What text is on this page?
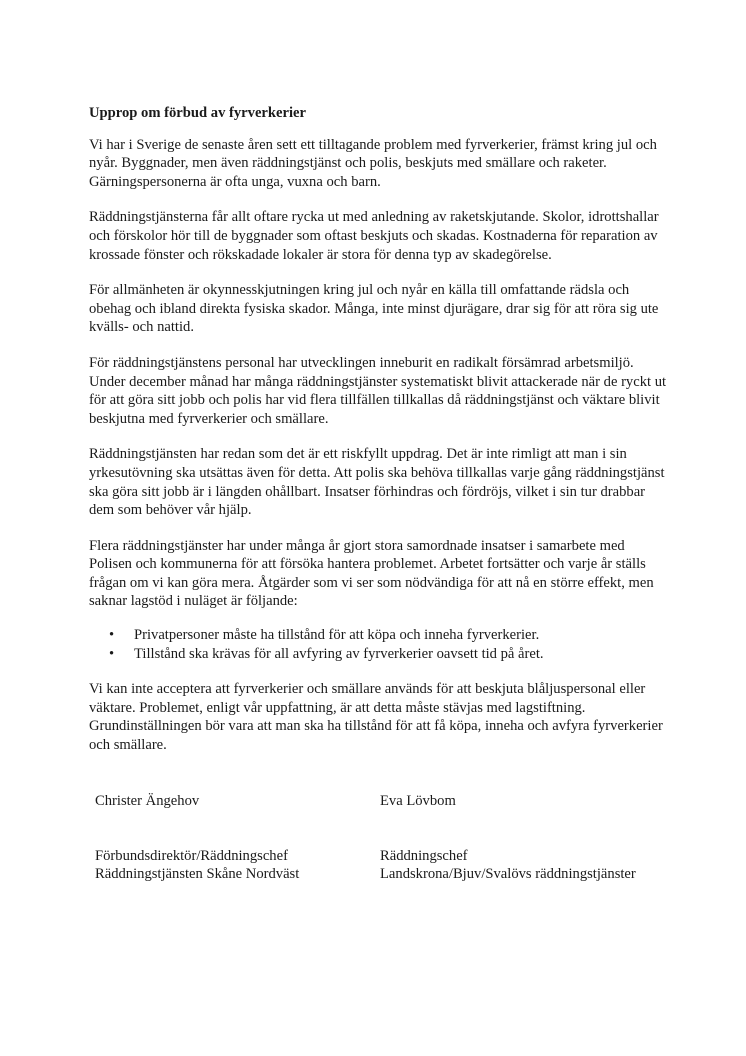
Upprop om förbud av fyrverkerier

Vi har i Sverige de senaste åren sett ett tilltagande problem med fyrverkerier, främst kring jul och nyår. Byggnader, men även räddningstjänst och polis, beskjuts med smällare och raketer. Gärningspersonerna är ofta unga, vuxna och barn.

Räddningstjänsterna får allt oftare rycka ut med anledning av raketskjutande. Skolor, idrottshallar och förskolor hör till de byggnader som oftast beskjuts och skadas. Kostnaderna för reparation av krossade fönster och rökskadade lokaler är stora för denna typ av skadegörelse.

För allmänheten är okynnesskjutningen kring jul och nyår en källa till omfattande rädsla och obehag och ibland direkta fysiska skador. Många, inte minst djurägare, drar sig för att röra sig ute kvälls- och nattid.

För räddningstjänstens personal har utvecklingen inneburit en radikalt försämrad arbetsmiljö. Under december månad har många räddningstjänster systematiskt blivit attackerade när de ryckt ut för att göra sitt jobb och polis har vid flera tillfällen tillkallas då räddningstjänst och väktare blivit beskjutna med fyrverkerier och smällare.

Räddningstjänsten har redan som det är ett riskfyllt uppdrag. Det är inte rimligt att man i sin yrkesutövning ska utsättas även för detta. Att polis ska behöva tillkallas varje gång räddningstjänst ska göra sitt jobb är i längden ohållbart. Insatser förhindras och fördröjs, vilket i sin tur drabbar dem som behöver vår hjälp.

Flera räddningstjänster har under många år gjort stora samordnade insatser i samarbete med Polisen och kommunerna för att försöka hantera problemet. Arbetet fortsätter och varje år ställs frågan om vi kan göra mera. Åtgärder som vi ser som nödvändiga för att nå en större effekt, men saknar lagstöd i nuläget är följande:

• Privatpersoner måste ha tillstånd för att köpa och inneha fyrverkerier.
• Tillstånd ska krävas för all avfyring av fyrverkerier oavsett tid på året.

Vi kan inte acceptera att fyrverkerier och smällare används för att beskjuta blåljuspersonal eller väktare. Problemet, enligt vår uppfattning, är att detta måste stävjas med lagstiftning. Grundinställningen bör vara att man ska ha tillstånd för att få köpa, inneha och avfyra fyrverkerier och smällare.

Christer Ängehov

Förbundsdirektör/Räddningschef

Räddningstjänsten Skåne Nordväst

Eva Lövbom

Räddningschef

Landskrona/Bjuv/Svalövs räddningstjänster
